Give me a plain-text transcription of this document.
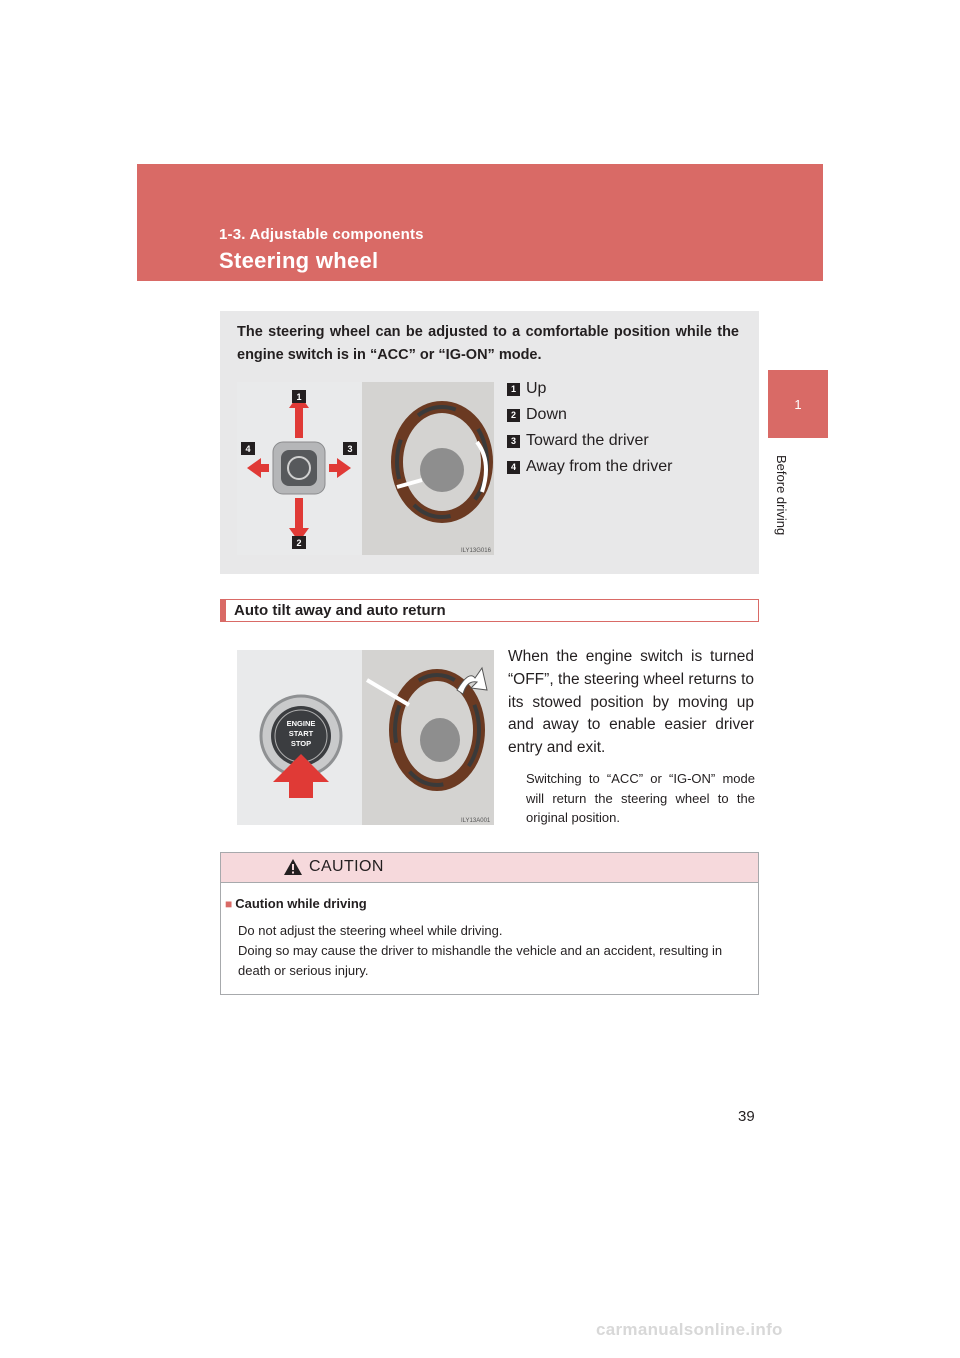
1-3. Adjustable components
Steering wheel
1
Before driving
The steering wheel can be adjusted to a comfortable position while the engine switch is in “ACC” or “IG-ON” mode.
1
2
3
4
ILY13G016
1 Up
2 Down
3 Toward the driver
4 Away from the driver
Auto tilt away and auto return
ENGINE
START
STOP
ILY13A001
When the engine switch is turned “OFF”, the steering wheel returns to its stowed position by moving up and away to enable easier driver entry and exit.
Switching to “ACC” or “IG-ON” mode will return the steering wheel to the original position.
CAUTION
■ Caution while driving
Do not adjust the steering wheel while driving.
Doing so may cause the driver to mishandle the vehicle and an accident, resulting in death or serious injury.
39
carmanualsonline.info
